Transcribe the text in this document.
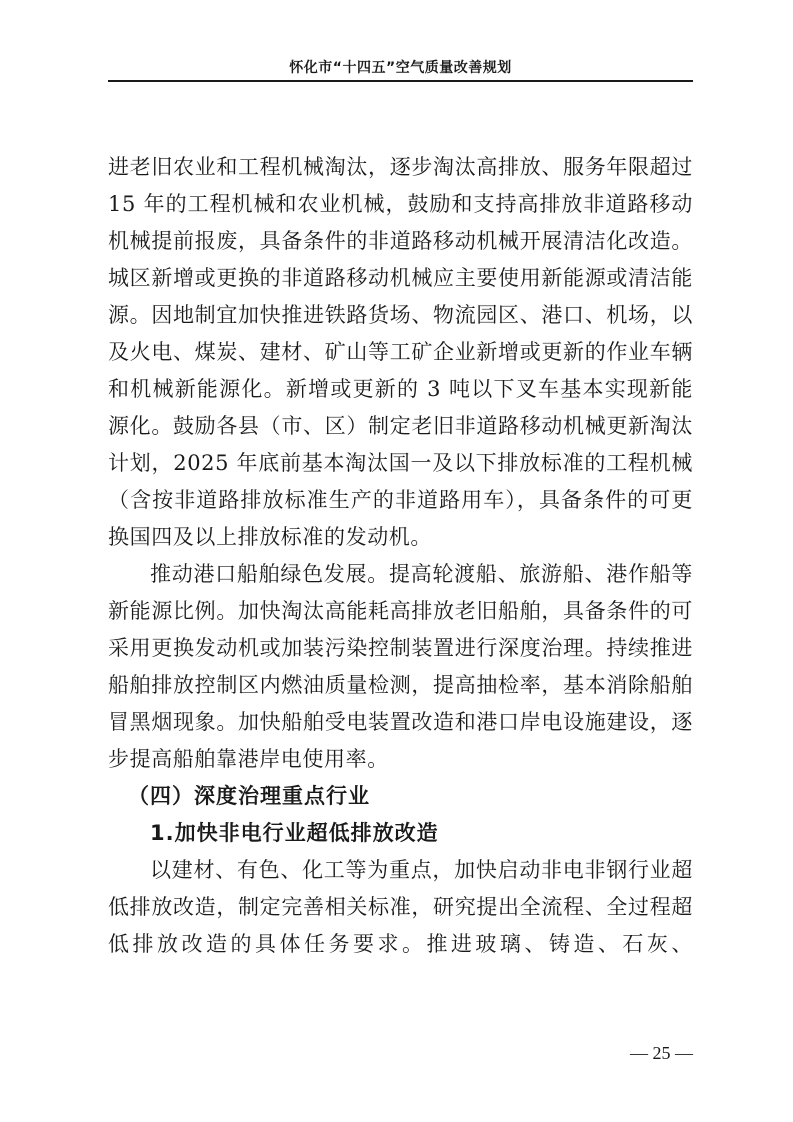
怀化市“十四五”空气质量改善规划

进老旧农业和工程机械淘汰，逐步淘汰高排放、服务年限超过 15 年的工程机械和农业机械，鼓励和支持高排放非道路移动机械提前报废，具备条件的非道路移动机械开展清洁化改造。城区新增或更换的非道路移动机械应主要使用新能源或清洁能源。因地制宜加快推进铁路货场、物流园区、港口、机场，以及火电、煤炭、建材、矿山等工矿企业新增或更新的作业车辆和机械新能源化。新增或更新的 3 吨以下叉车基本实现新能源化。鼓励各县（市、区）制定老旧非道路移动机械更新淘汰计划，2025 年底前基本淘汰国一及以下排放标准的工程机械（含按非道路排放标准生产的非道路用车），具备条件的可更换国四及以上排放标准的发动机。

推动港口船舶绿色发展。提高轮渡船、旅游船、港作船等新能源比例。加快淘汰高能耗高排放老旧船舶，具备条件的可采用更换发动机或加装污染控制装置进行深度治理。持续推进船舶排放控制区内燃油质量检测，提高抽检率，基本消除船舶冒黑烟现象。加快船舶受电装置改造和港口岸电设施建设，逐步提高船舶靠港岸电使用率。

（四）深度治理重点行业

1.加快非电行业超低排放改造

以建材、有色、化工等为重点，加快启动非电非钢行业超低排放改造，制定完善相关标准，研究提出全流程、全过程超低排放改造的具体任务要求。推进玻璃、铸造、石灰、

— 25 —
